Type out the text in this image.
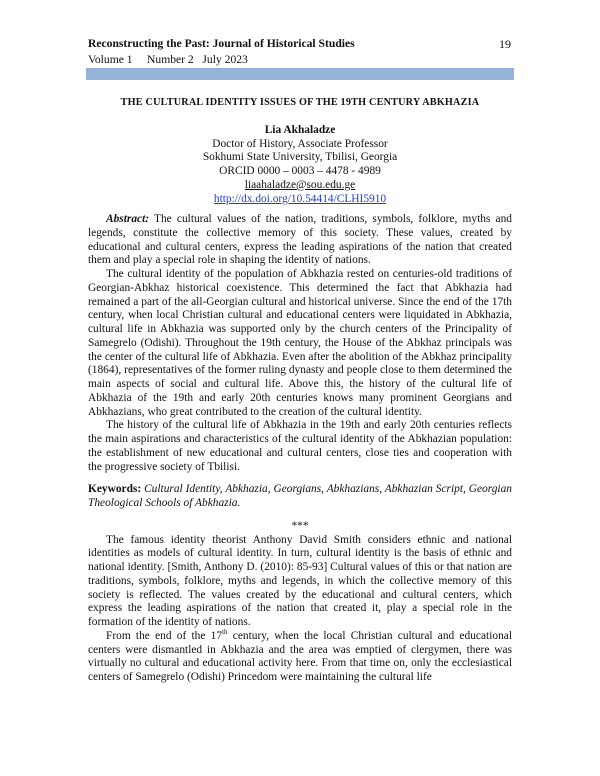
Reconstructing the Past: Journal of Historical Studies	19
Volume 1     Number 2   July 2023
THE CULTURAL IDENTITY ISSUES OF THE 19TH CENTURY ABKHAZIA
Lia Akhaladze
Doctor of History, Associate Professor
Sokhumi State University, Tbilisi, Georgia
ORCID 0000 – 0003 – 4478 - 4989
liaahaladze@sou.edu.ge
http://dx.doi.org/10.54414/CLHI5910

Abstract: The cultural values of the nation, traditions, symbols, folklore, myths and legends, constitute the collective memory of this society. These values, created by educational and cultural centers, express the leading aspirations of the nation that created them and play a special role in shaping the identity of nations.

The cultural identity of the population of Abkhazia rested on centuries-old traditions of Georgian-Abkhaz historical coexistence. This determined the fact that Abkhazia had remained a part of the all-Georgian cultural and historical universe. Since the end of the 17th century, when local Christian cultural and educational centers were liquidated in Abkhazia, cultural life in Abkhazia was supported only by the church centers of the Principality of Samegrelo (Odishi). Throughout the 19th century, the House of the Abkhaz principals was the center of the cultural life of Abkhazia. Even after the abolition of the Abkhaz principality (1864), representatives of the former ruling dynasty and people close to them determined the main aspects of social and cultural life. Above this, the history of the cultural life of Abkhazia of the 19th and early 20th centuries knows many prominent Georgians and Abkhazians, who great contributed to the creation of the cultural identity.

The history of the cultural life of Abkhazia in the 19th and early 20th centuries reflects the main aspirations and characteristics of the cultural identity of the Abkhazian population: the establishment of new educational and cultural centers, close ties and cooperation with the progressive society of Tbilisi.

Keywords: Cultural Identity, Abkhazia, Georgians, Abkhazians, Abkhazian Script, Georgian Theological Schools of Abkhazia.

***

The famous identity theorist Anthony David Smith considers ethnic and national identities as models of cultural identity. In turn, cultural identity is the basis of ethnic and national identity. [Smith, Anthony D. (2010): 85-93] Cultural values of this or that nation are traditions, symbols, folklore, myths and legends, in which the collective memory of this society is reflected. The values created by the educational and cultural centers, which express the leading aspirations of the nation that created it, play a special role in the formation of the identity of nations.

From the end of the 17th century, when the local Christian cultural and educational centers were dismantled in Abkhazia and the area was emptied of clergymen, there was virtually no cultural and educational activity here. From that time on, only the ecclesiastical centers of Samegrelo (Odishi) Princedom were maintaining the cultural life
